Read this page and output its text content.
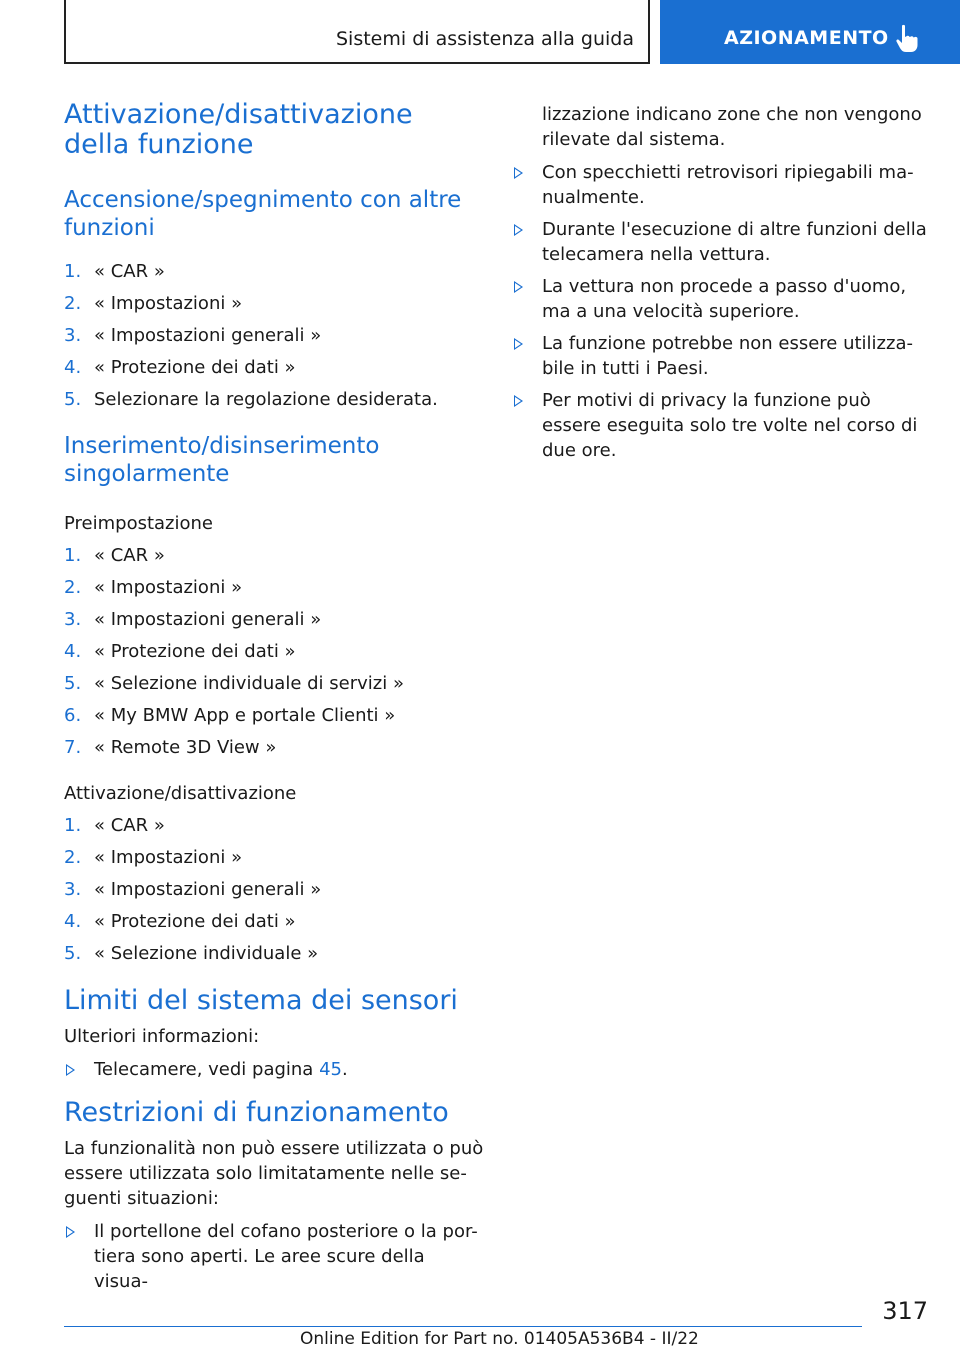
Sistemi di assistenza alla guida	AZIONAMENTO
Attivazione/disattivazione della funzione
Accensione/spegnimento con altre funzioni
1. « CAR »
2. « Impostazioni »
3. « Impostazioni generali »
4. « Protezione dei dati »
5. Selezionare la regolazione desiderata.
Inserimento/disinserimento singolarmente

Preimpostazione

1. « CAR »
2. « Impostazioni »
3. « Impostazioni generali »
4. « Protezione dei dati »
5. « Selezione individuale di servizi »
6. « My BMW App e portale Clienti »
7. « Remote 3D View »

Attivazione/disattivazione

1. « CAR »
2. « Impostazioni »
3. « Impostazioni generali »
4. « Protezione dei dati »
5. « Selezione individuale »
Limiti del sistema dei sensori

Ulteriori informazioni:

Telecamere, vedi pagina 45.
Restrizioni di funzionamento

La funzionalità non può essere utilizzata o può essere utilizzata solo limitatamente nelle se-guenti situazioni:

Il portellone del cofano posteriore o la por-tiera sono aperti. Le aree scure della visua-

lizzazione indicano zone che non vengono rilevate dal sistema.

Con specchietti retrovisori ripiegabili ma-nualmente.
Durante l'esecuzione di altre funzioni della telecamera nella vettura.
La vettura non procede a passo d'uomo, ma a una velocità superiore.
La funzione potrebbe non essere utilizza-bile in tutti i Paesi.
Per motivi di privacy la funzione può essere eseguita solo tre volte nel corso di due ore.
317
Online Edition for Part no. 01405A536B4 - II/22
